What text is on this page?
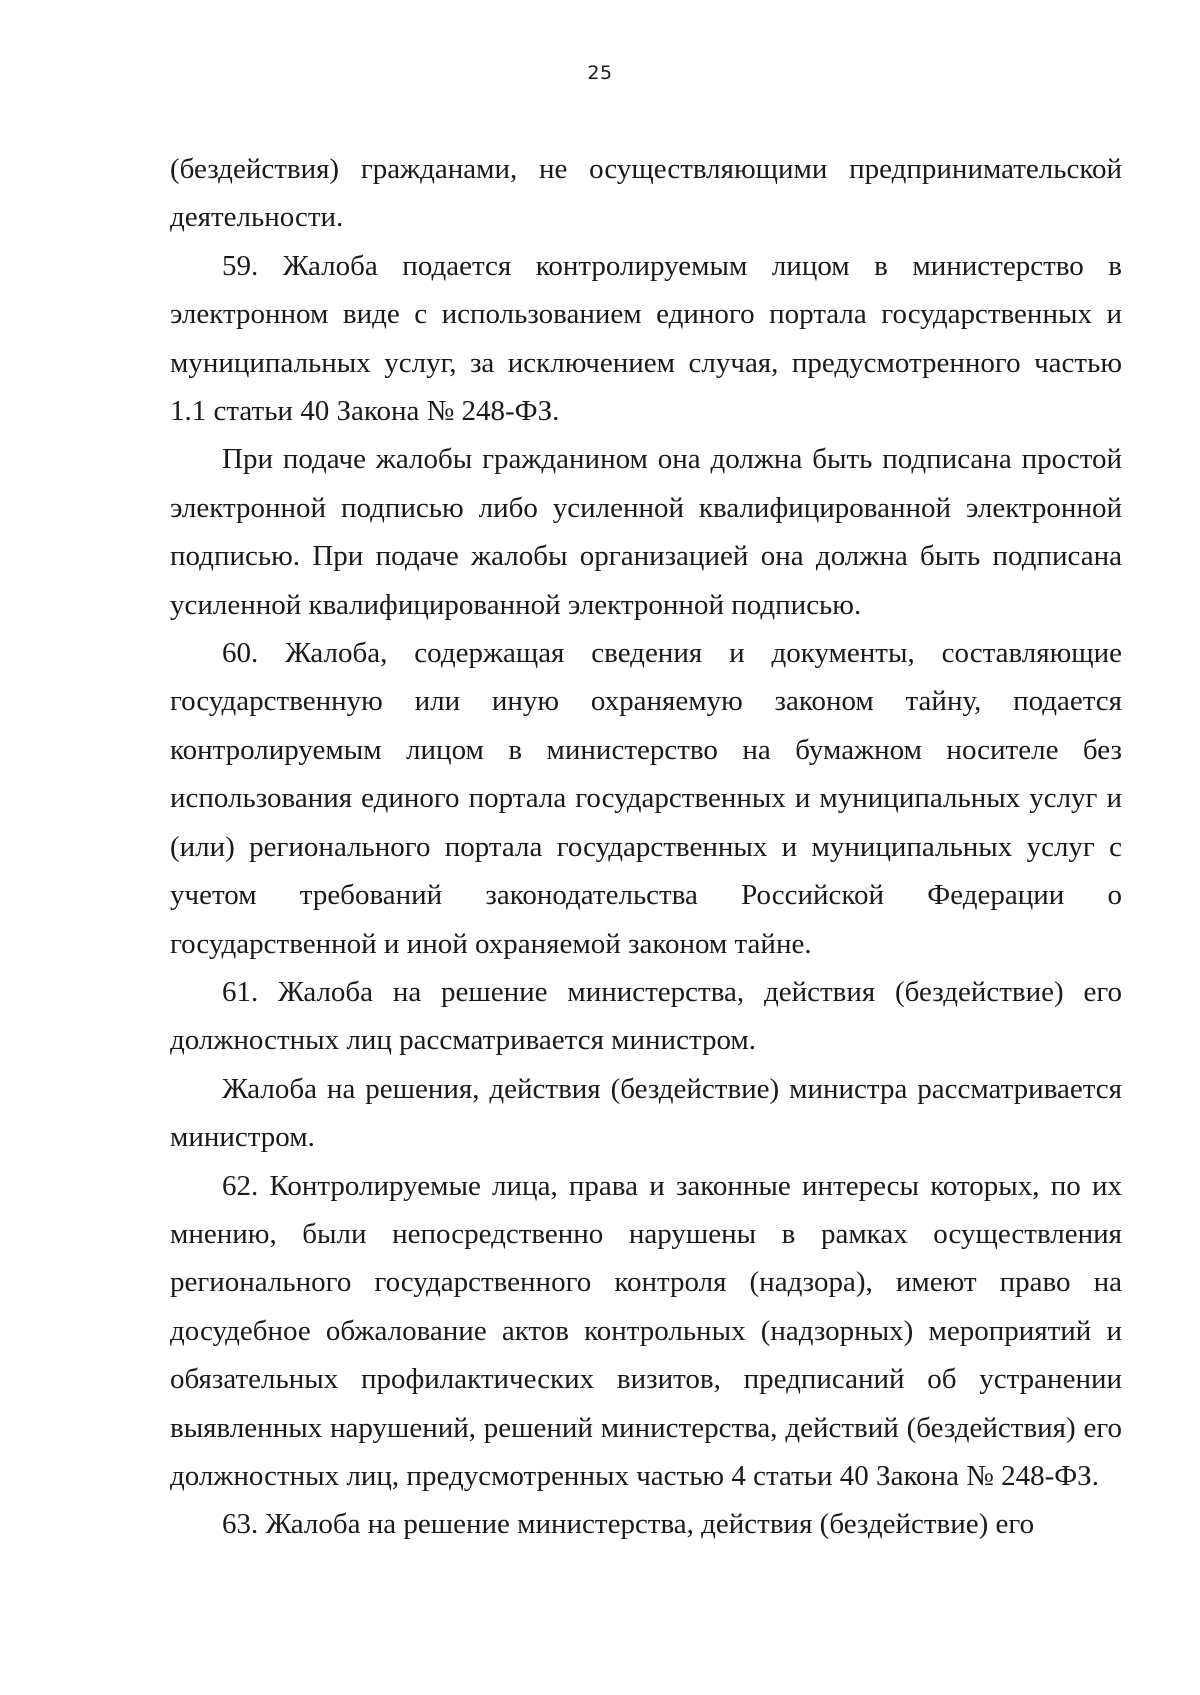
25

(бездействия) гражданами, не осуществляющими предпринимательской деятельности.

59. Жалоба подается контролируемым лицом в министерство в электронном виде с использованием единого портала государственных и муниципальных услуг, за исключением случая, предусмотренного частью 1.1 статьи 40 Закона № 248-ФЗ.

При подаче жалобы гражданином она должна быть подписана простой электронной подписью либо усиленной квалифицированной электронной подписью. При подаче жалобы организацией она должна быть подписана усиленной квалифицированной электронной подписью.

60. Жалоба, содержащая сведения и документы, составляющие государственную или иную охраняемую законом тайну, подается контролируемым лицом в министерство на бумажном носителе без использования единого портала государственных и муниципальных услуг и (или) регионального портала государственных и муниципальных услуг с учетом требований законодательства Российской Федерации о государственной и иной охраняемой законом тайне.

61. Жалоба на решение министерства, действия (бездействие) его должностных лиц рассматривается министром.

Жалоба на решения, действия (бездействие) министра рассматривается министром.

62. Контролируемые лица, права и законные интересы которых, по их мнению, были непосредственно нарушены в рамках осуществления регионального государственного контроля (надзора), имеют право на досудебное обжалование актов контрольных (надзорных) мероприятий и обязательных профилактических визитов, предписаний об устранении выявленных нарушений, решений министерства, действий (бездействия) его должностных лиц, предусмотренных частью 4 статьи 40 Закона № 248-ФЗ.

63. Жалоба на решение министерства, действия (бездействие) его
